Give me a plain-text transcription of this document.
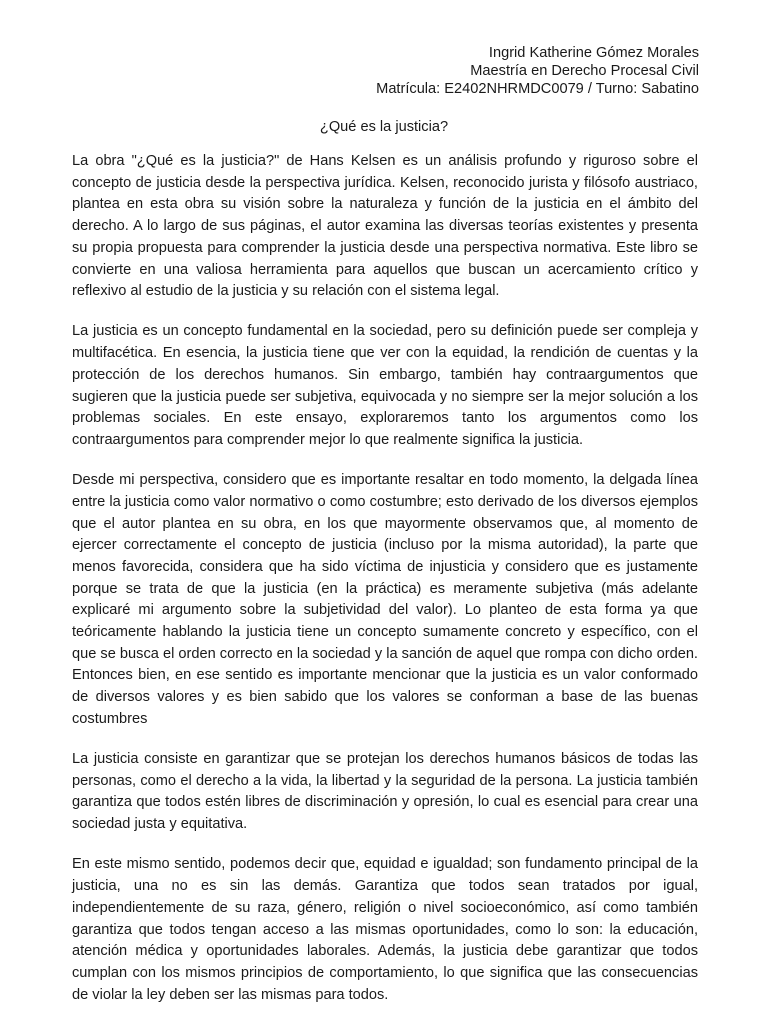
Ingrid Katherine Gómez Morales
Maestría en Derecho Procesal Civil
Matrícula: E2402NHRMDC0079 / Turno: Sabatino
¿Qué es la justicia?

La obra "¿Qué es la justicia?" de Hans Kelsen es un análisis profundo y riguroso sobre el concepto de justicia desde la perspectiva jurídica. Kelsen, reconocido jurista y filósofo austriaco, plantea en esta obra su visión sobre la naturaleza y función de la justicia en el ámbito del derecho. A lo largo de sus páginas, el autor examina las diversas teorías existentes y presenta su propia propuesta para comprender la justicia desde una perspectiva normativa. Este libro se convierte en una valiosa herramienta para aquellos que buscan un acercamiento crítico y reflexivo al estudio de la justicia y su relación con el sistema legal.

La justicia es un concepto fundamental en la sociedad, pero su definición puede ser compleja y multifacética. En esencia, la justicia tiene que ver con la equidad, la rendición de cuentas y la protección de los derechos humanos. Sin embargo, también hay contraargumentos que sugieren que la justicia puede ser subjetiva, equivocada y no siempre ser la mejor solución a los problemas sociales. En este ensayo, exploraremos tanto los argumentos como los contraargumentos para comprender mejor lo que realmente significa la justicia.

Desde mi perspectiva, considero que es importante resaltar en todo momento, la delgada línea entre la justicia como valor normativo o como costumbre; esto derivado de los diversos ejemplos que el autor plantea en su obra, en los que mayormente observamos que, al momento de ejercer correctamente el concepto de justicia (incluso por la misma autoridad), la parte que menos favorecida, considera que ha sido víctima de injusticia y considero que es justamente porque se trata de que la justicia (en la práctica) es meramente subjetiva (más adelante explicaré mi argumento sobre la subjetividad del valor). Lo planteo de esta forma ya que teóricamente hablando la justicia tiene un concepto sumamente concreto y específico, con el que se busca el orden correcto en la sociedad y la sanción de aquel que rompa con dicho orden. Entonces bien, en ese sentido es importante mencionar que la justicia es un valor conformado de diversos valores y es bien sabido que los valores se conforman a base de las buenas costumbres

La justicia consiste en garantizar que se protejan los derechos humanos básicos de todas las personas, como el derecho a la vida, la libertad y la seguridad de la persona. La justicia también garantiza que todos estén libres de discriminación y opresión, lo cual es esencial para crear una sociedad justa y equitativa.

En este mismo sentido, podemos decir que, equidad e igualdad; son fundamento principal de la justicia, una no es sin las demás. Garantiza que todos sean tratados por igual, independientemente de su raza, género, religión o nivel socioeconómico, así como también garantiza que todos tengan acceso a las mismas oportunidades, como lo son: la educación, atención médica y oportunidades laborales. Además, la justicia debe garantizar que todos cumplan con los mismos principios de comportamiento, lo que significa que las consecuencias de violar la ley deben ser las mismas para todos.
